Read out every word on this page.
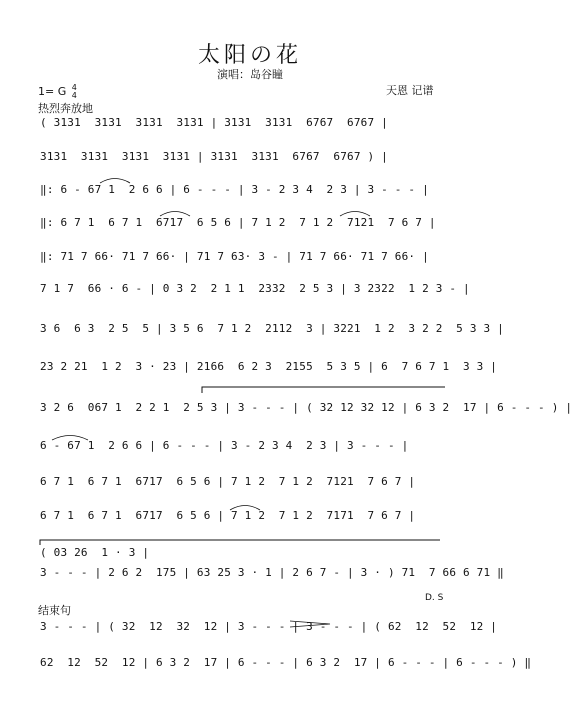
太阳の花
演唱：岛谷瞳
1= G 4
4	天恩 记谱
热烈奔放地
( 3131  3131  3131  3131 | 3131  3131  6767  6767 |
3131  3131  3131  3131 | 3131  3131  6767  6767 ) |
‖: 6 - 67 1  2 6 6 | 6 - - - | 3 - 2 3 4  2 3 | 3 - - - |
‖: 6 7 1  6 7 1  6717  6 5 6 | 7 1 2  7 1 2  7121  7 6 7 |
‖: 71 7 66· 71 7 66· | 71 7 63· 3 - | 71 7 66· 71 7 66· |
7 1 7  66 · 6 - | 0 3 2  2 1 1  2332  2 5 3 | 3 2322  1 2 3 - |
3 6  6 3  2 5  5 | 3 5 6  7 1 2  2112  3 | 3221  1 2  3 2 2  5 3 3 |
23 2 21  1 2  3 · 23 | 2166  6 2 3  2155  5 3 5 | 6  7 6 7 1  3 3 |
3 2 6  067 1  2 2 1  2 5 3 | 3 - - - | ( 32 12 32 12 | 6 3 2  17 | 6 - - - ) |
6 - 67 1  2 6 6 | 6 - - - | 3 - 2 3 4  2 3 | 3 - - - |
6 7 1  6 7 1  6717  6 5 6 | 7 1 2  7 1 2  7121  7 6 7 |
6 7 1  6 7 1  6717  6 5 6 | 7 1 2  7 1 2  7171  7 6 7 |
( 03 26  1 · 3 |
3 - - - | 2 6 2  175 | 63 25 3 · 1 | 2 6 7 - | 3 · ) 71  7 66 6 71 ‖
D. S
结束句
3 - - - | ( 32  12  32  12 | 3 - - - | 3 - - - | ( 62  12  52  12 |
62  12  52  12 | 6 3 2  17 | 6 - - - | 6 3 2  17 | 6 - - - | 6 - - - ) ‖
